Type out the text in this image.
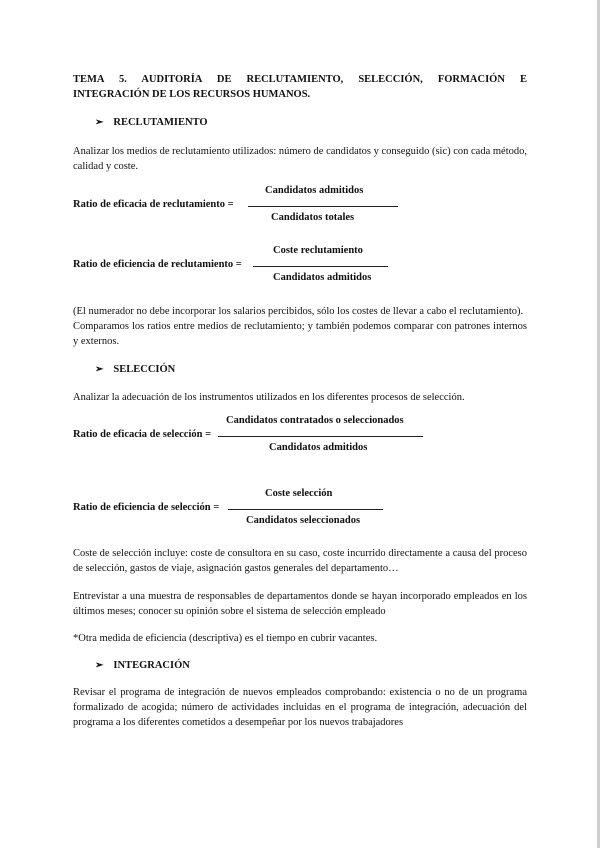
TEMA 5. AUDITORÍA DE RECLUTAMIENTO, SELECCIÓN, FORMACIÓN E
INTEGRACIÓN DE LOS RECURSOS HUMANOS.
➢ RECLUTAMIENTO

Analizar los medios de reclutamiento utilizados: número de candidatos y conseguido (sic) con cada método, calidad y coste.

Candidatos admitidos
Ratio de eficacia de reclutamiento =
Candidatos totales
Coste reclutamiento
Ratio de eficiencia de reclutamiento =
Candidatos admitidos

(El numerador no debe incorporar los salarios percibidos, sólo los costes de llevar a cabo el reclutamiento).

Comparamos los ratios entre medios de reclutamiento; y también podemos comparar con patrones internos y externos.

➢ SELECCIÓN

Analizar la adecuación de los instrumentos utilizados en los diferentes procesos de selección.

Candidatos contratados o seleccionados
Ratio de eficacia de selección =
Candidatos admitidos
Coste selección
Ratio de eficiencia de selección =
Candidatos seleccionados

Coste de selección incluye: coste de consultora en su caso, coste incurrido directamente a causa del proceso de selección, gastos de viaje, asignación gastos generales del departamento…

Entrevistar a una muestra de responsables de departamentos donde se hayan incorporado empleados en los últimos meses; conocer su opinión sobre el sistema de selección empleado

*Otra medida de eficiencia (descriptiva) es el tiempo en cubrir vacantes.

➢ INTEGRACIÓN

Revisar el programa de integración de nuevos empleados comprobando: existencia o no de un programa formalizado de acogida; número de actividades incluidas en el programa de integración, adecuación del programa a los diferentes cometidos a desempeñar por los nuevos trabajadores
